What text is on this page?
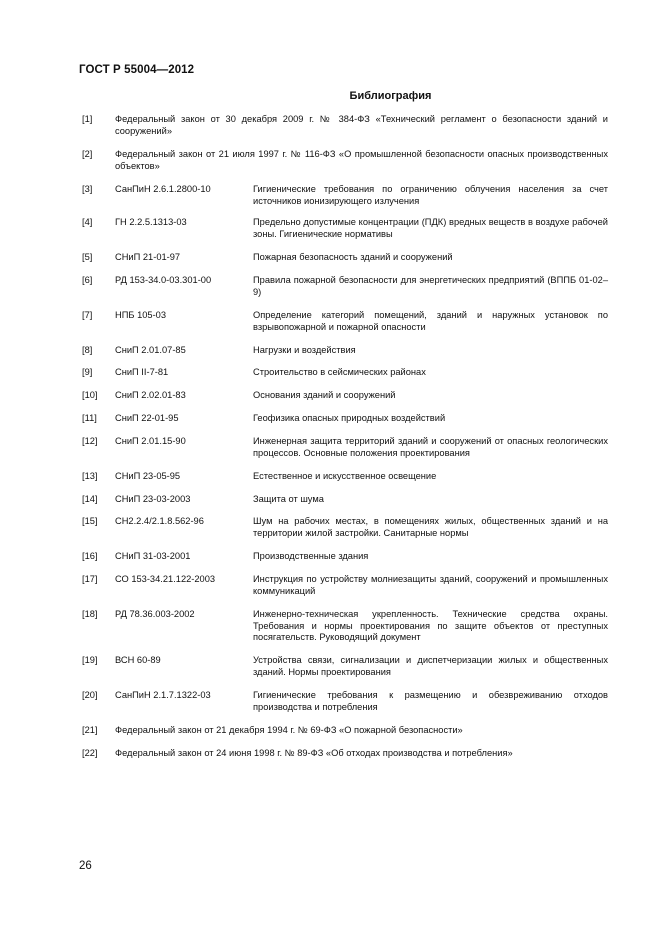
ГОСТ Р 55004—2012
Библиография
[1]	Федеральный закон от 30 декабря 2009 г. № 384-ФЗ «Технический регламент о безопасности зданий и сооружений»
[2]	Федеральный закон от 21 июля 1997 г. № 116-ФЗ «О промышленной безопасности опасных производственных объектов»
[3]	СанПиН 2.6.1.2800-10	Гигиенические требования по ограничению облучения населения за счет источников ионизирующего излучения
[4]	ГН 2.2.5.1313-03	Предельно допустимые концентрации (ПДК) вредных веществ в воздухе рабочей зоны. Гигиенические нормативы
[5]	СНиП 21-01-97	Пожарная безопасность зданий и сооружений
[6]	РД 153-34.0-03.301-00	Правила пожарной безопасности для энергетических предприятий (ВППБ 01-02–9)
[7]	НПБ 105-03	Определение категорий помещений, зданий и наружных установок по взрывопожарной и пожарной опасности
[8]	СниП 2.01.07-85	Нагрузки и воздействия
[9]	СниП II-7-81	Строительство в сейсмических районах
[10]	СниП 2.02.01-83	Основания зданий и сооружений
[11]	СниП 22-01-95	Геофизика опасных природных воздействий
[12]	СниП 2.01.15-90	Инженерная защита территорий зданий и сооружений от опасных геологических процессов. Основные положения проектирования
[13]	СНиП 23-05-95	Естественное и искусственное освещение
[14]	СНиП 23-03-2003	Защита от шума
[15]	СН2.2.4/2.1.8.562-96	Шум на рабочих местах, в помещениях жилых, общественных зданий и на территории жилой застройки. Санитарные нормы
[16]	СНиП 31-03-2001	Производственные здания
[17]	СО 153-34.21.122-2003	Инструкция по устройству молниезащиты зданий, сооружений и промышленных коммуникаций
[18]	РД 78.36.003-2002	Инженерно-техническая укрепленность. Технические средства охраны. Требования и нормы проектирования по защите объектов от преступных посягательств. Руководящий документ
[19]	ВСН 60-89	Устройства связи, сигнализации и диспетчеризации жилых и общественных зданий. Нормы проектирования
[20]	СанПиН 2.1.7.1322-03	Гигиенические требования к размещению и обезвреживанию отходов производства и потребления
[21]	Федеральный закон от 21 декабря 1994 г. № 69-ФЗ «О пожарной безопасности»
[22]	Федеральный закон от 24 июня 1998 г. № 89-ФЗ «Об отходах производства и потребления»
26
